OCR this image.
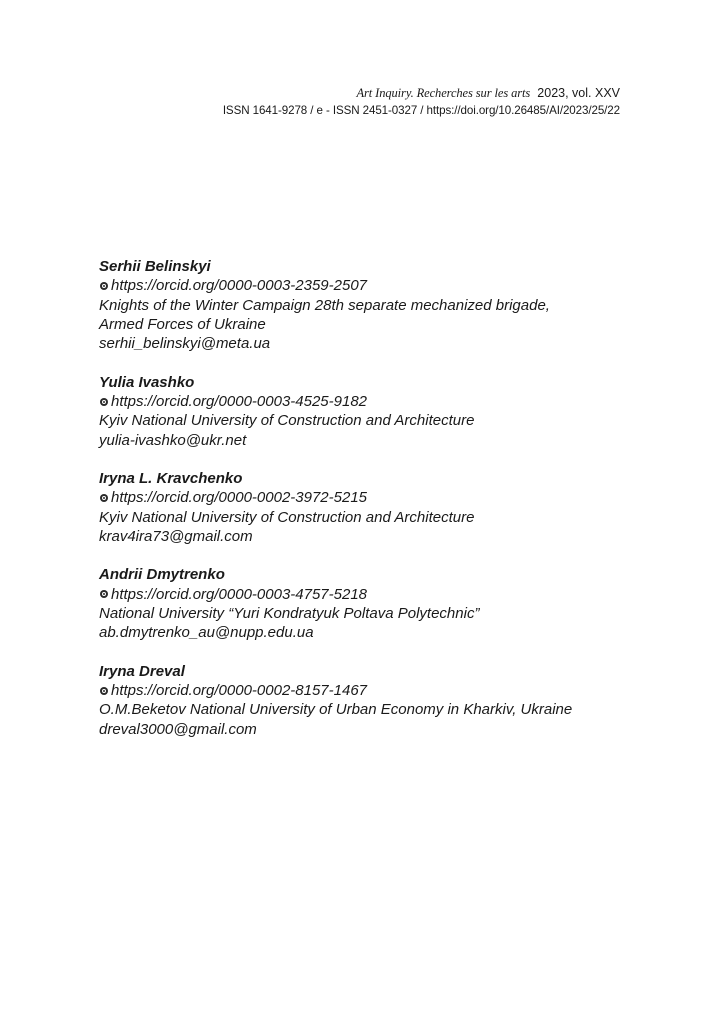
Art Inquiry. Recherches sur les arts 2023, vol. XXV
ISSN 1641-9278 / e - ISSN 2451-0327 / https://doi.org/10.26485/AI/2023/25/22
Serhii Belinskyi
https://orcid.org/0000-0003-2359-2507
Knights of the Winter Campaign 28th separate mechanized brigade,
Armed Forces of Ukraine
serhii_belinskyi@meta.ua
Yulia Ivashko
https://orcid.org/0000-0003-4525-9182
Kyiv National University of Construction and Architecture
yulia-ivashko@ukr.net
Iryna L. Kravchenko
https://orcid.org/0000-0002-3972-5215
Kyiv National University of Construction and Architecture
krav4ira73@gmail.com
Andrii Dmytrenko
https://orcid.org/0000-0003-4757-5218
National University “Yuri Kondratyuk Poltava Polytechnic”
ab.dmytrenko_au@nupp.edu.ua
Iryna Dreval
https://orcid.org/0000-0002-8157-1467
O.M.Beketov National University of Urban Economy in Kharkiv, Ukraine
dreval3000@gmail.com
